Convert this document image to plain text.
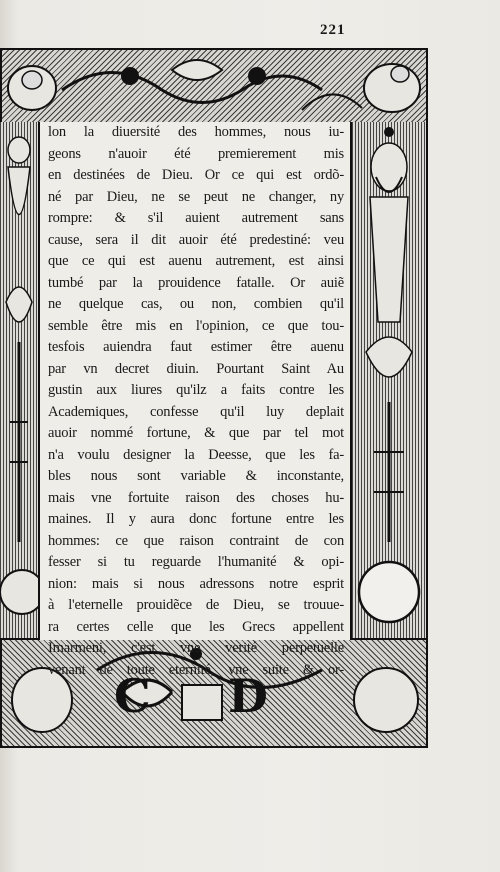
221
C D
lon la diuersité des hommes, nous iu-
geons n'auoir été premierement mis
en destinées de Dieu. Or ce qui est ordõ-
né par Dieu, ne se peut ne changer, ny
rompre: & s'il auient autrement sans
cause, sera il dit auoir été predestiné: veu
que ce qui est auenu autrement, est ainsi
tumbé par la prouidence fatalle. Or auiẽ
ne quelque cas, ou non, combien qu'il
semble être mis en l'opinion, ce que tou-
tesfois auiendra faut estimer être auenu
par vn decret diuin. Pourtant Saint Au
gustin aux liures qu'ilz a faits contre les
Academiques, confesse qu'il luy deplait
auoir nommé fortune, & que par tel mot
n'a voulu designer la Deesse, que les fa-
bles nous sont variable & inconstante,
mais vne fortuite raison des choses hu-
maines. Il y aura donc fortune entre les
hommes: ce que raison contraint de con
fesser si tu reguarde l'humanité & opi-
nion: mais si nous adressons notre esprit
à l'eternelle prouidẽce de Dieu, se trouue-
ra certes celle que les Grecs appellent
Imarmeni, c'est vne verité perpetuelle
venant de toute eternité, vne suite & or-
